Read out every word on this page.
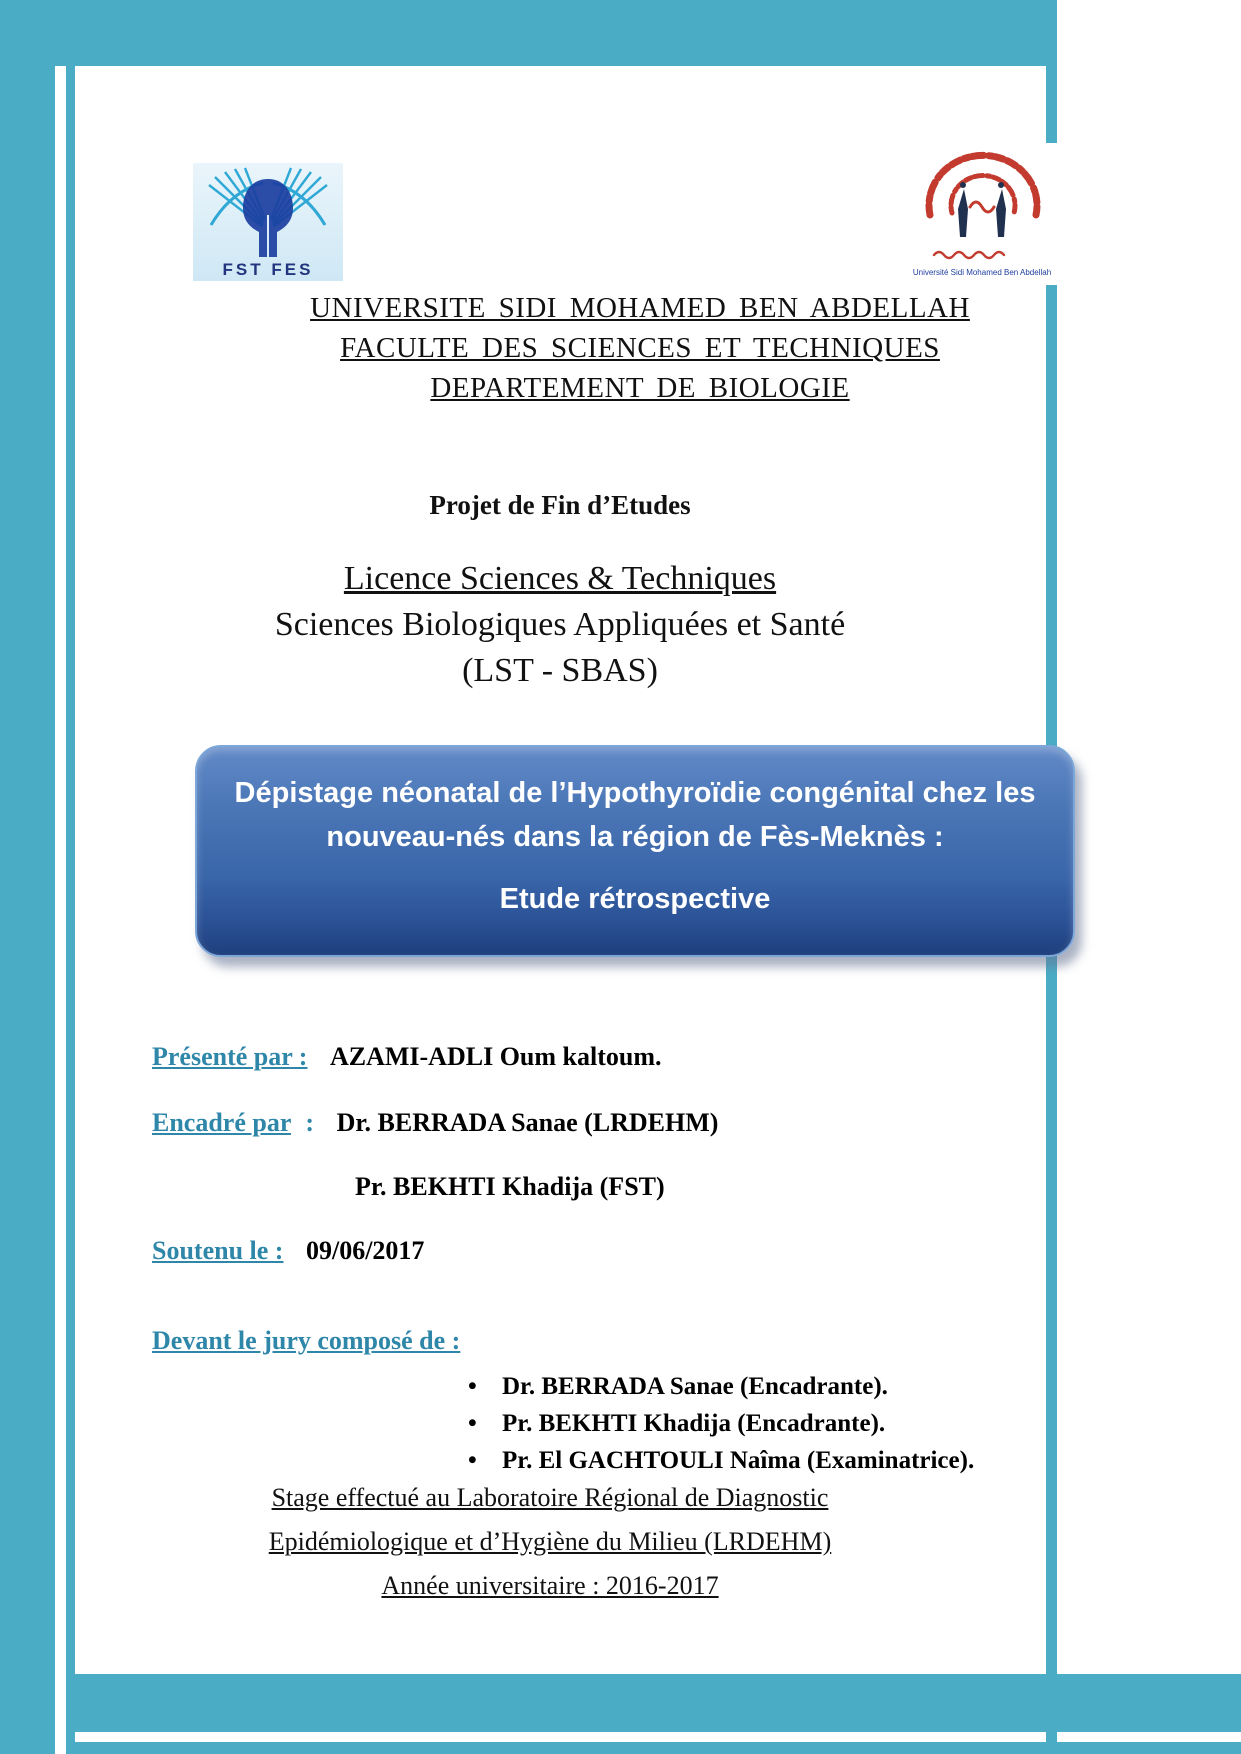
FST FES	Université Sidi Mohamed Ben Abdellah
UNIVERSITE SIDI MOHAMED BEN ABDELLAH
FACULTE DES SCIENCES ET TECHNIQUES
DEPARTEMENT DE BIOLOGIE
Projet de Fin d’Etudes
Licence Sciences & Techniques
Sciences Biologiques Appliquées et Santé
(LST - SBAS)
Dépistage néonatal de l’Hypothyroïdie congénital chez les
nouveau-nés dans la région de Fès-Meknès :
Etude rétrospective
Présenté par : AZAMI-ADLI Oum kaltoum.
Encadré par : Dr. BERRADA Sanae (LRDEHM)
Pr. BEKHTI Khadija (FST)
Soutenu le : 09/06/2017
Devant le jury composé de :
• Dr. BERRADA Sanae (Encadrante).
• Pr. BEKHTI Khadija (Encadrante).
• Pr. El GACHTOULI Naîma (Examinatrice).
Stage effectué au Laboratoire Régional de Diagnostic
Epidémiologique et d’Hygiène du Milieu (LRDEHM)
Année universitaire : 2016-2017
